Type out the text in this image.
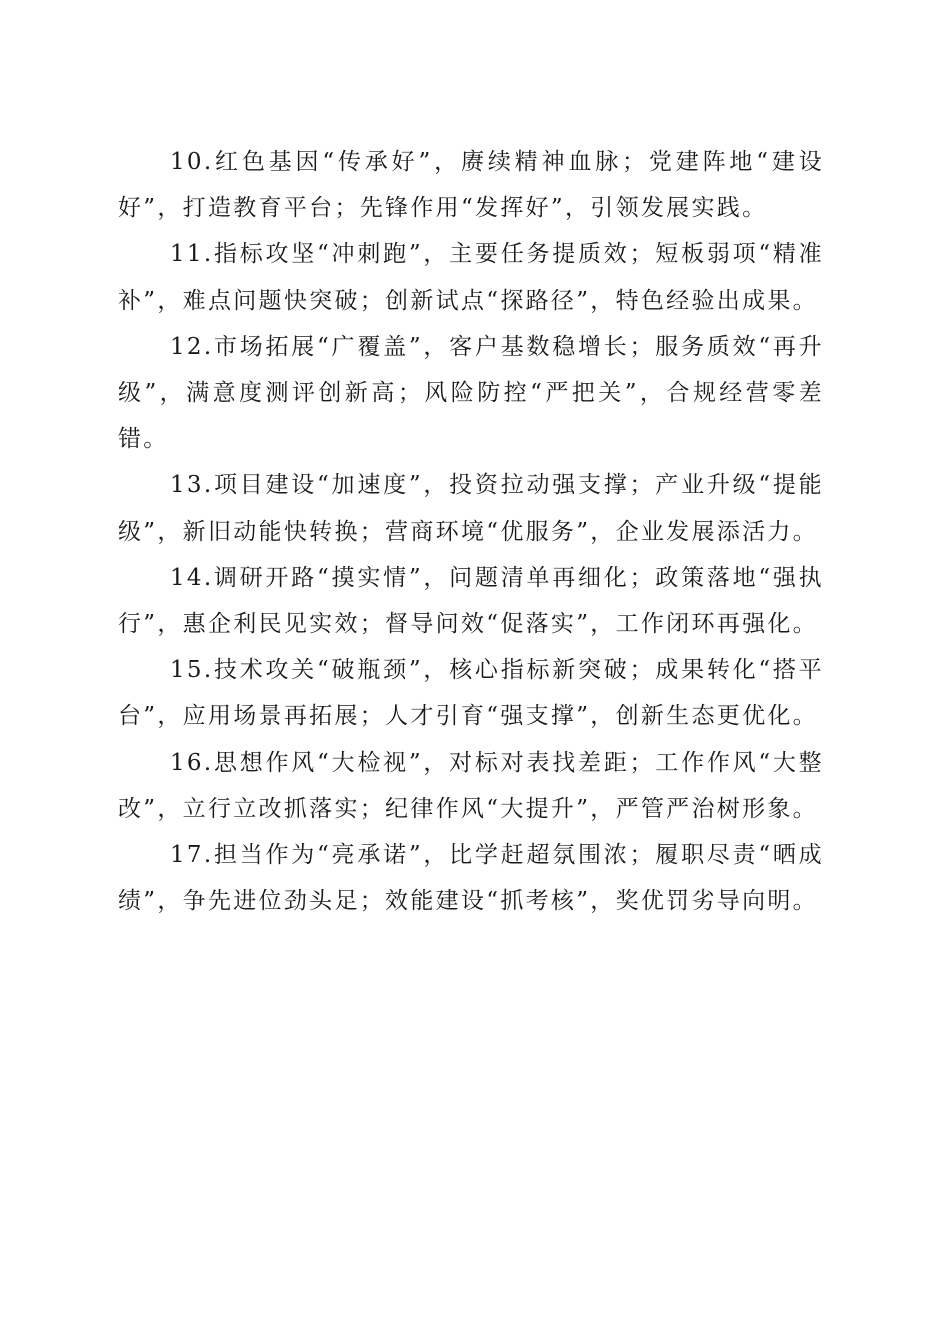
10.红色基因“传承好”，赓续精神血脉；党建阵地“建设好”，打造教育平台；先锋作用“发挥好”，引领发展实践。

11.指标攻坚“冲刺跑”，主要任务提质效；短板弱项“精准补”，难点问题快突破；创新试点“探路径”，特色经验出成果。

12.市场拓展“广覆盖”，客户基数稳增长；服务质效“再升级”，满意度测评创新高；风险防控“严把关”，合规经营零差错。

13.项目建设“加速度”，投资拉动强支撑；产业升级“提能级”，新旧动能快转换；营商环境“优服务”，企业发展添活力。

14.调研开路“摸实情”，问题清单再细化；政策落地“强执行”，惠企利民见实效；督导问效“促落实”，工作闭环再强化。

15.技术攻关“破瓶颈”，核心指标新突破；成果转化“搭平台”，应用场景再拓展；人才引育“强支撑”，创新生态更优化。

16.思想作风“大检视”，对标对表找差距；工作作风“大整改”，立行立改抓落实；纪律作风“大提升”，严管严治树形象。

17.担当作为“亮承诺”，比学赶超氛围浓；履职尽责“晒成绩”，争先进位劲头足；效能建设“抓考核”，奖优罚劣导向明。
